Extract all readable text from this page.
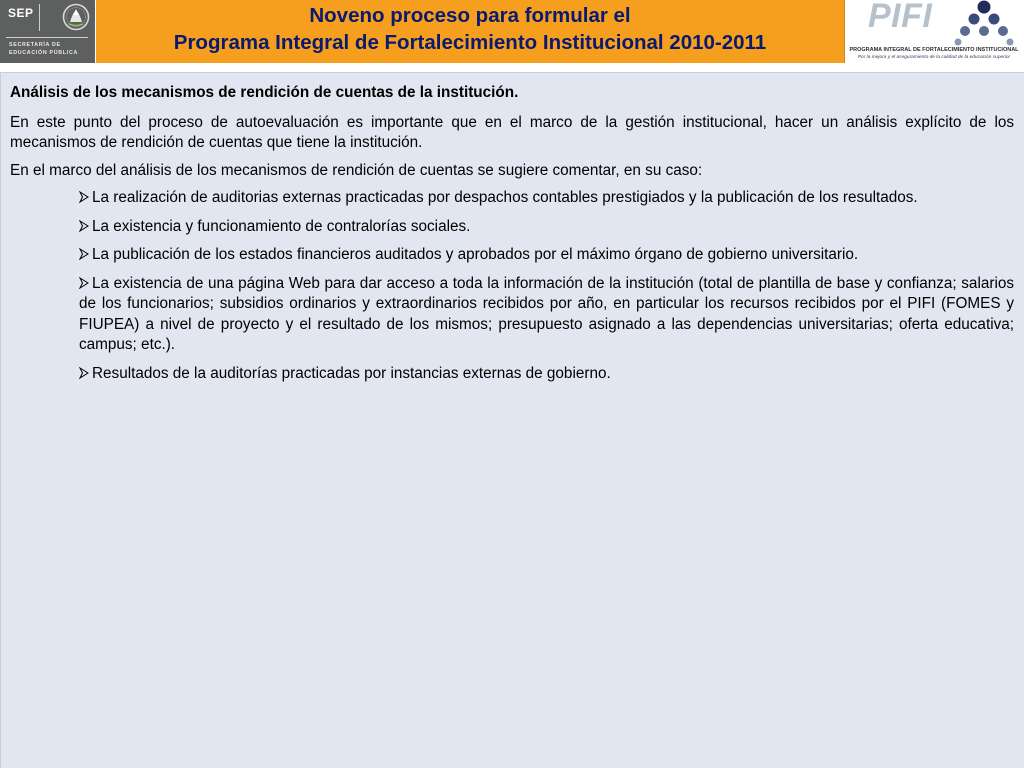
SEP
SECRETARÍA DE
EDUCACIÓN PÚBLICA
Noveno proceso para formular el
Programa Integral de Fortalecimiento Institucional 2010-2011
PIFI
PROGRAMA INTEGRAL DE FORTALECIMIENTO INSTITUCIONAL
Por la mejora y el aseguramiento de la calidad de la educación superior

Análisis de los mecanismos de rendición de cuentas de la institución.

En este punto del proceso de autoevaluación es importante que en el marco de la gestión institucional, hacer un análisis explícito de los mecanismos de rendición de cuentas que tiene la institución.

En el marco del análisis de los mecanismos de rendición de cuentas se sugiere comentar, en su caso:

La realización de auditorias externas practicadas por despachos contables prestigiados y la publicación de los resultados.
La existencia y funcionamiento de contralorías sociales.
La publicación de los estados financieros auditados y aprobados por el máximo órgano de gobierno universitario.
La existencia de una página Web para dar acceso a toda la información de la institución (total de plantilla de base y confianza; salarios de los funcionarios; subsidios ordinarios y extraordinarios recibidos por año, en particular los recursos recibidos por el PIFI (FOMES y FIUPEA) a nivel de proyecto y el resultado de los mismos; presupuesto asignado a las dependencias universitarias; oferta educativa; campus; etc.).
Resultados de la auditorías practicadas por instancias externas de gobierno.
